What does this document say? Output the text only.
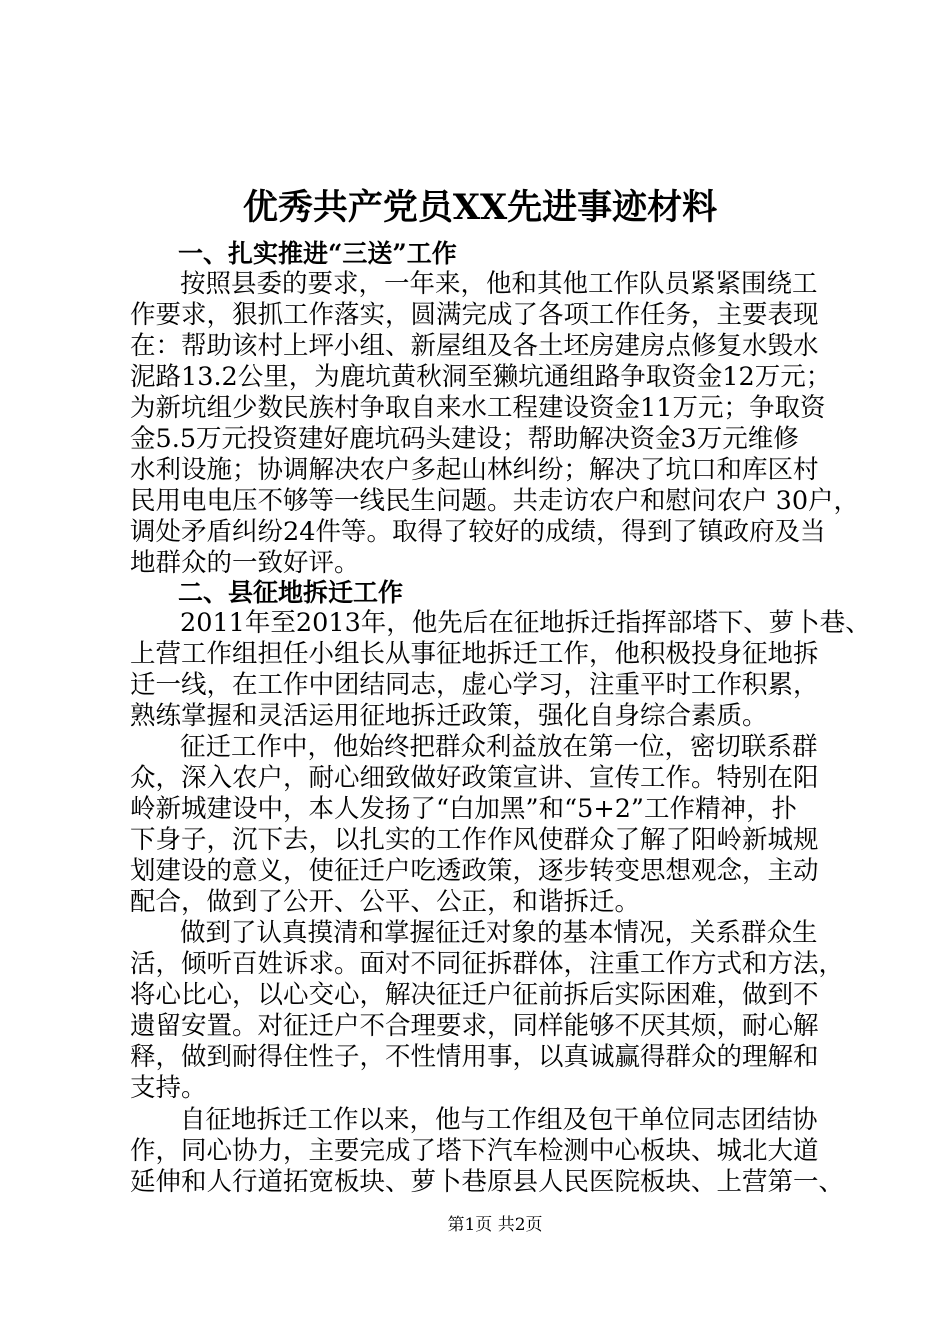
优秀共产党员XX先进事迹材料
一、扎实推进“三送”工作
按照县委的要求，一年来，他和其他工作队员紧紧围绕工
作要求，狠抓工作落实，圆满完成了各项工作任务，主要表现
在：帮助该村上坪小组、新屋组及各土坯房建房点修复水毁水
泥路13.2公里，为鹿坑黄秋洞至獭坑通组路争取资金12万元；
为新坑组少数民族村争取自来水工程建设资金11万元；争取资
金5.5万元投资建好鹿坑码头建设；帮助解决资金3万元维修
水利设施；协调解决农户多起山林纠纷；解决了坑口和库区村
民用电电压不够等一线民生问题。共走访农户和慰问农户 30户，
调处矛盾纠纷24件等。取得了较好的成绩，得到了镇政府及当
地群众的一致好评。
二、县征地拆迁工作
2011年至2013年，他先后在征地拆迁指挥部塔下、萝卜巷、
上营工作组担任小组长从事征地拆迁工作，他积极投身征地拆
迁一线，在工作中团结同志，虚心学习，注重平时工作积累，
熟练掌握和灵活运用征地拆迁政策，强化自身综合素质。
征迁工作中，他始终把群众利益放在第一位，密切联系群
众，深入农户，耐心细致做好政策宣讲、宣传工作。特别在阳
岭新城建设中，本人发扬了“白加黑”和“5+2”工作精神，扑
下身子，沉下去，以扎实的工作作风使群众了解了阳岭新城规
划建设的意义，使征迁户吃透政策，逐步转变思想观念，主动
配合，做到了公开、公平、公正，和谐拆迁。
做到了认真摸清和掌握征迁对象的基本情况，关系群众生
活，倾听百姓诉求。面对不同征拆群体，注重工作方式和方法，
将心比心，以心交心，解决征迁户征前拆后实际困难，做到不
遗留安置。对征迁户不合理要求，同样能够不厌其烦，耐心解
释，做到耐得住性子，不性情用事，以真诚赢得群众的理解和
支持。
自征地拆迁工作以来，他与工作组及包干单位同志团结协
作，同心协力，主要完成了塔下汽车检测中心板块、城北大道
延伸和人行道拓宽板块、萝卜巷原县人民医院板块、上营第一、
第1页 共2页
